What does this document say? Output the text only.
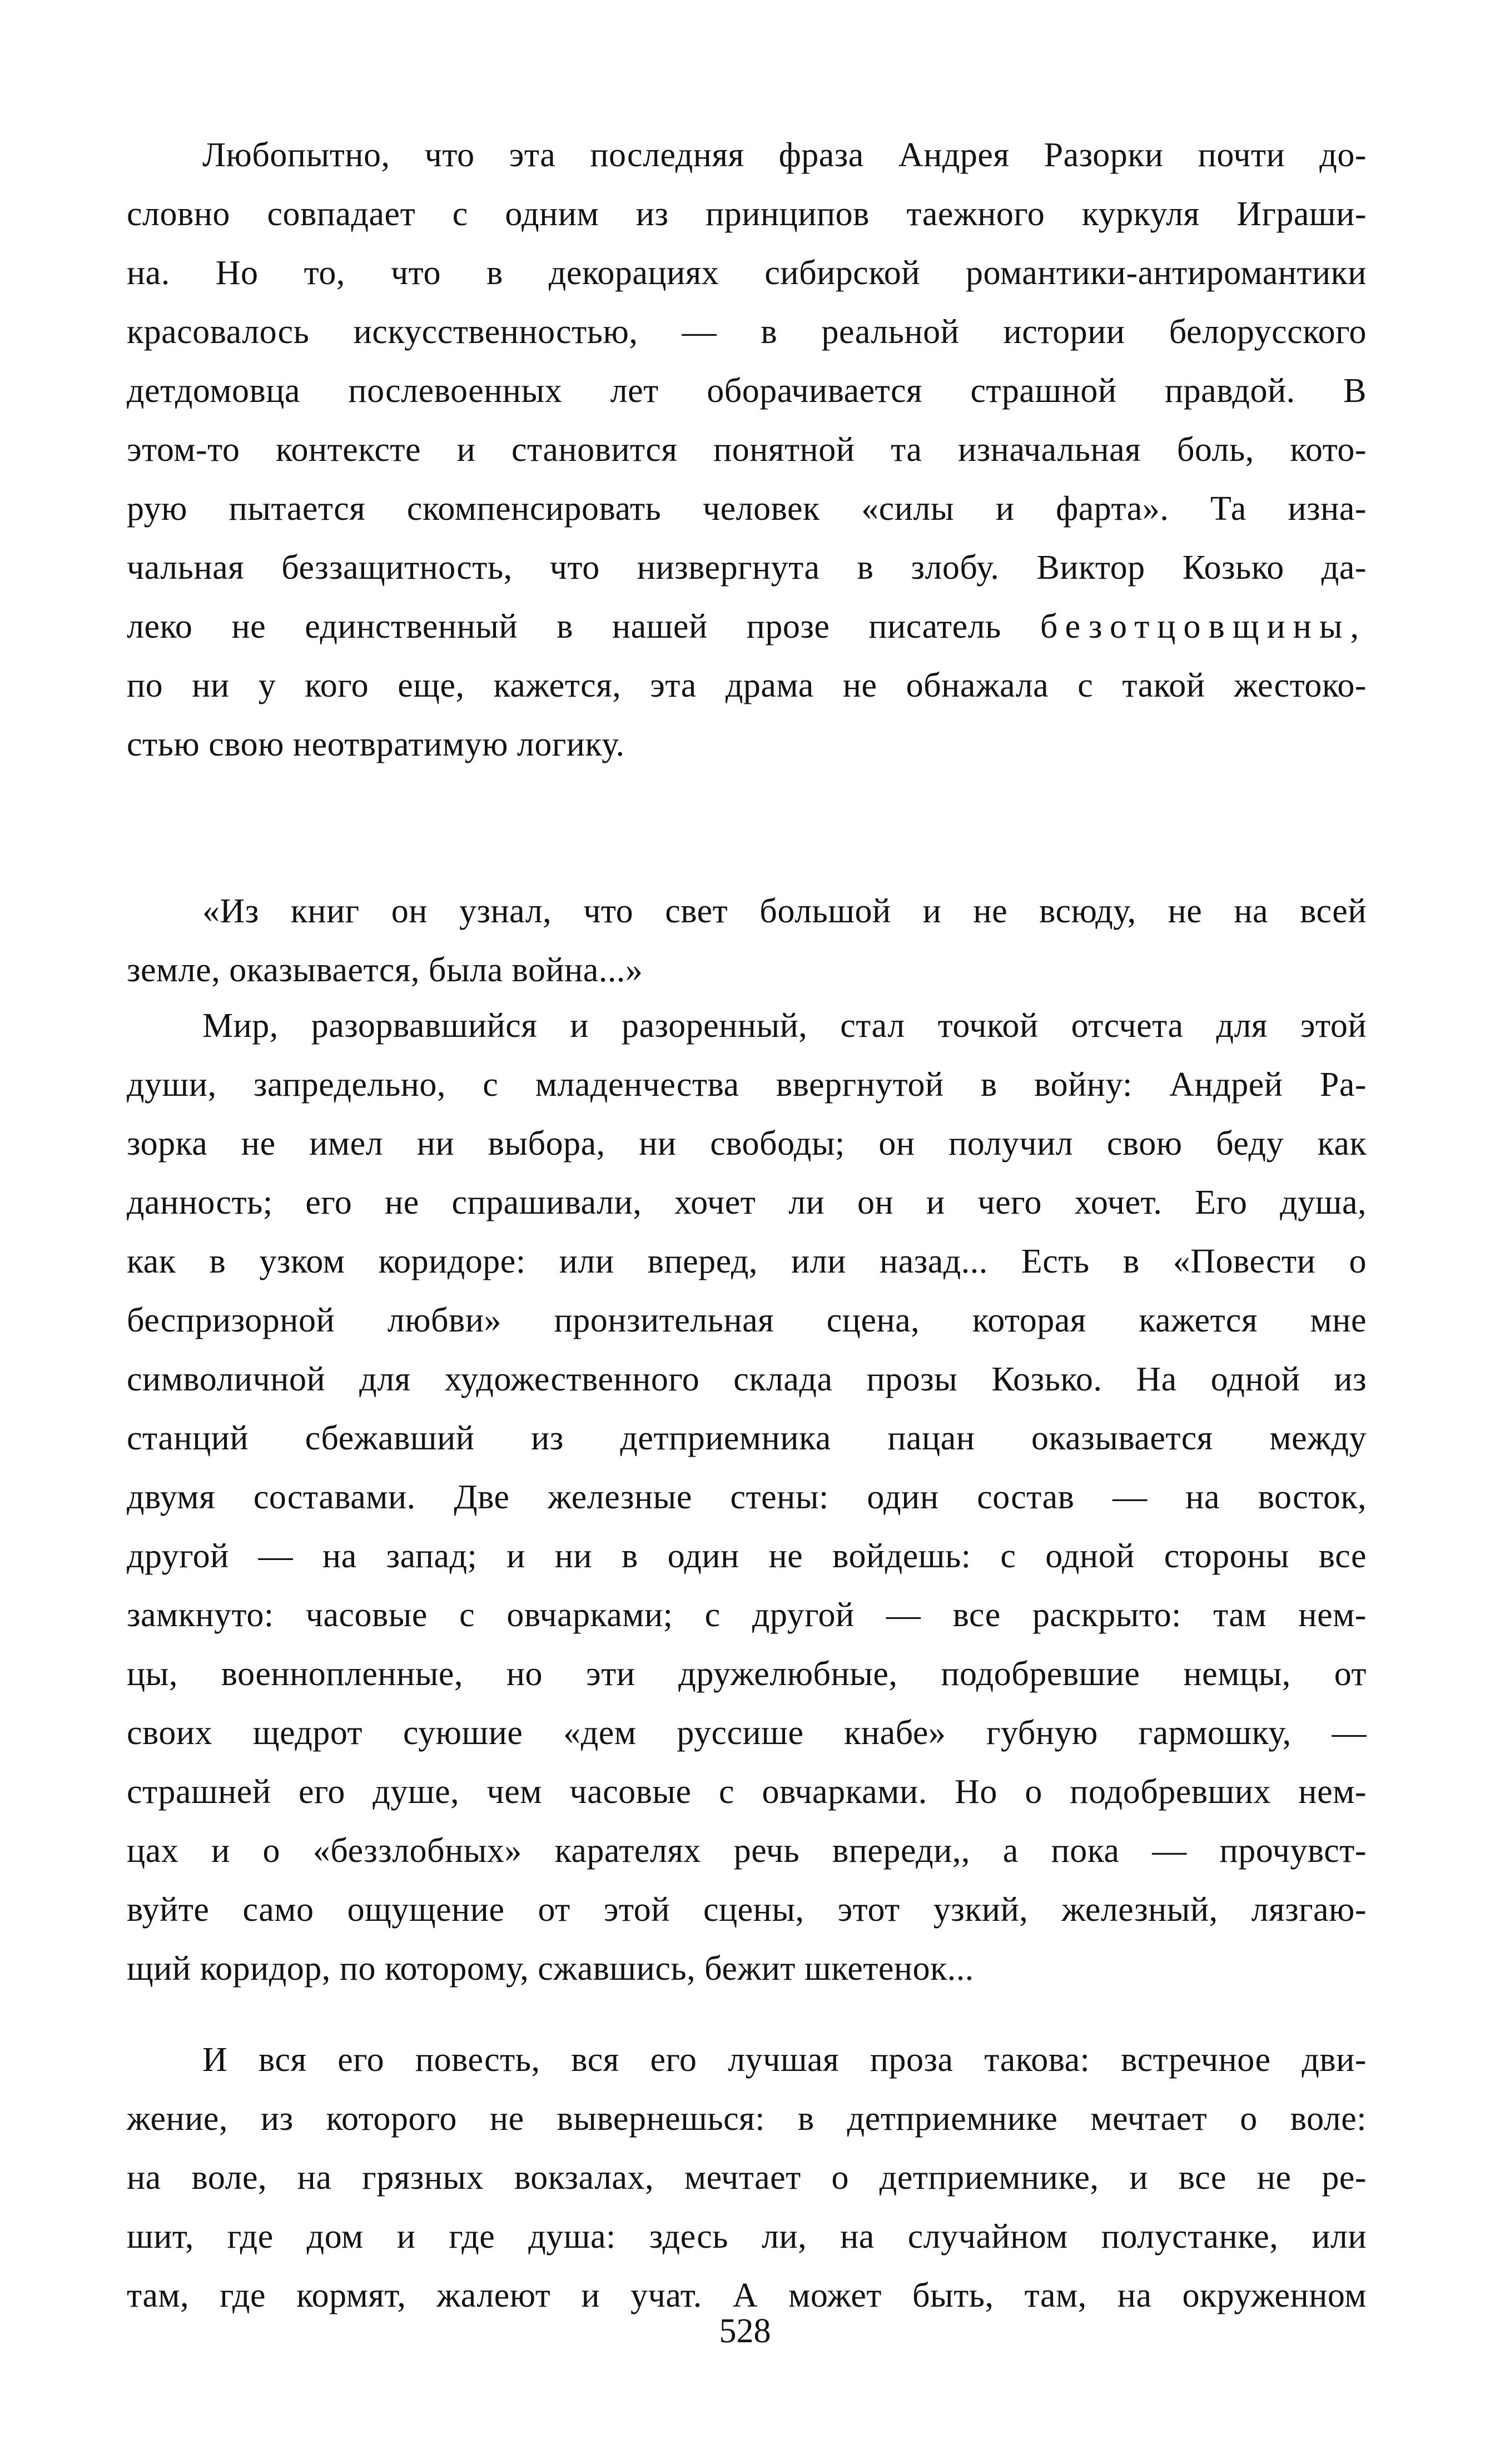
Любопытно, что эта последняя фраза Андрея Разорки почти до-
словно совпадает с одним из принципов таежного куркуля Играши-
на. Но то, что в декорациях сибирской романтики-антиромантики
красовалось искусственностью, — в реальной истории белорусского
детдомовца послевоенных лет оборачивается страшной правдой. В
этом-то контексте и становится понятной та изначальная боль, кото-
рую пытается скомпенсировать человек «силы и фарта». Та изна-
чальная беззащитность, что низвергнута в злобу. Виктор Козько да-
леко не единственный в нашей прозе писатель безотцовщины,
по ни у кого еще, кажется, эта драма не обнажала с такой жестоко-
стью свою неотвратимую логику.
«Из книг он узнал, что свет большой и не всюду, не на всей
земле, оказывается, была война...»
Мир, разорвавшийся и разоренный, стал точкой отсчета для этой
души, запредельно, с младенчества ввергнутой в войну: Андрей Ра-
зорка не имел ни выбора, ни свободы; он получил свою беду как
данность; его не спрашивали, хочет ли он и чего хочет. Его душа,
как в узком коридоре: или вперед, или назад... Есть в «Повести о
беспризорной любви» пронзительная сцена, которая кажется мне
символичной для художественного склада прозы Козько. На одной из
станций сбежавший из детприемника пацан оказывается между
двумя составами. Две железные стены: один состав — на восток,
другой — на запад; и ни в один не войдешь: с одной стороны все
замкнуто: часовые с овчарками; с другой — все раскрыто: там нем-
цы, военнопленные, но эти дружелюбные, подобревшие немцы, от
своих щедрот суюшие «дем руссише кнабе» губную гармошку, —
страшней его душе, чем часовые с овчарками. Но о подобревших нем-
цах и о «беззлобных» карателях речь впереди,, а пока — прочувст-
вуйте само ощущение от этой сцены, этот узкий, железный, лязгаю-
щий коридор, по которому, сжавшись, бежит шкетенок...
И вся его повесть, вся его лучшая проза такова: встречное дви-
жение, из которого не вывернешься: в детприемнике мечтает о воле:
на воле, на грязных вокзалах, мечтает о детприемнике, и все не ре-
шит, где дом и где душа: здесь ли, на случайном полустанке, или
там, где кормят, жалеют и учат. А может быть, там, на окруженном
528
